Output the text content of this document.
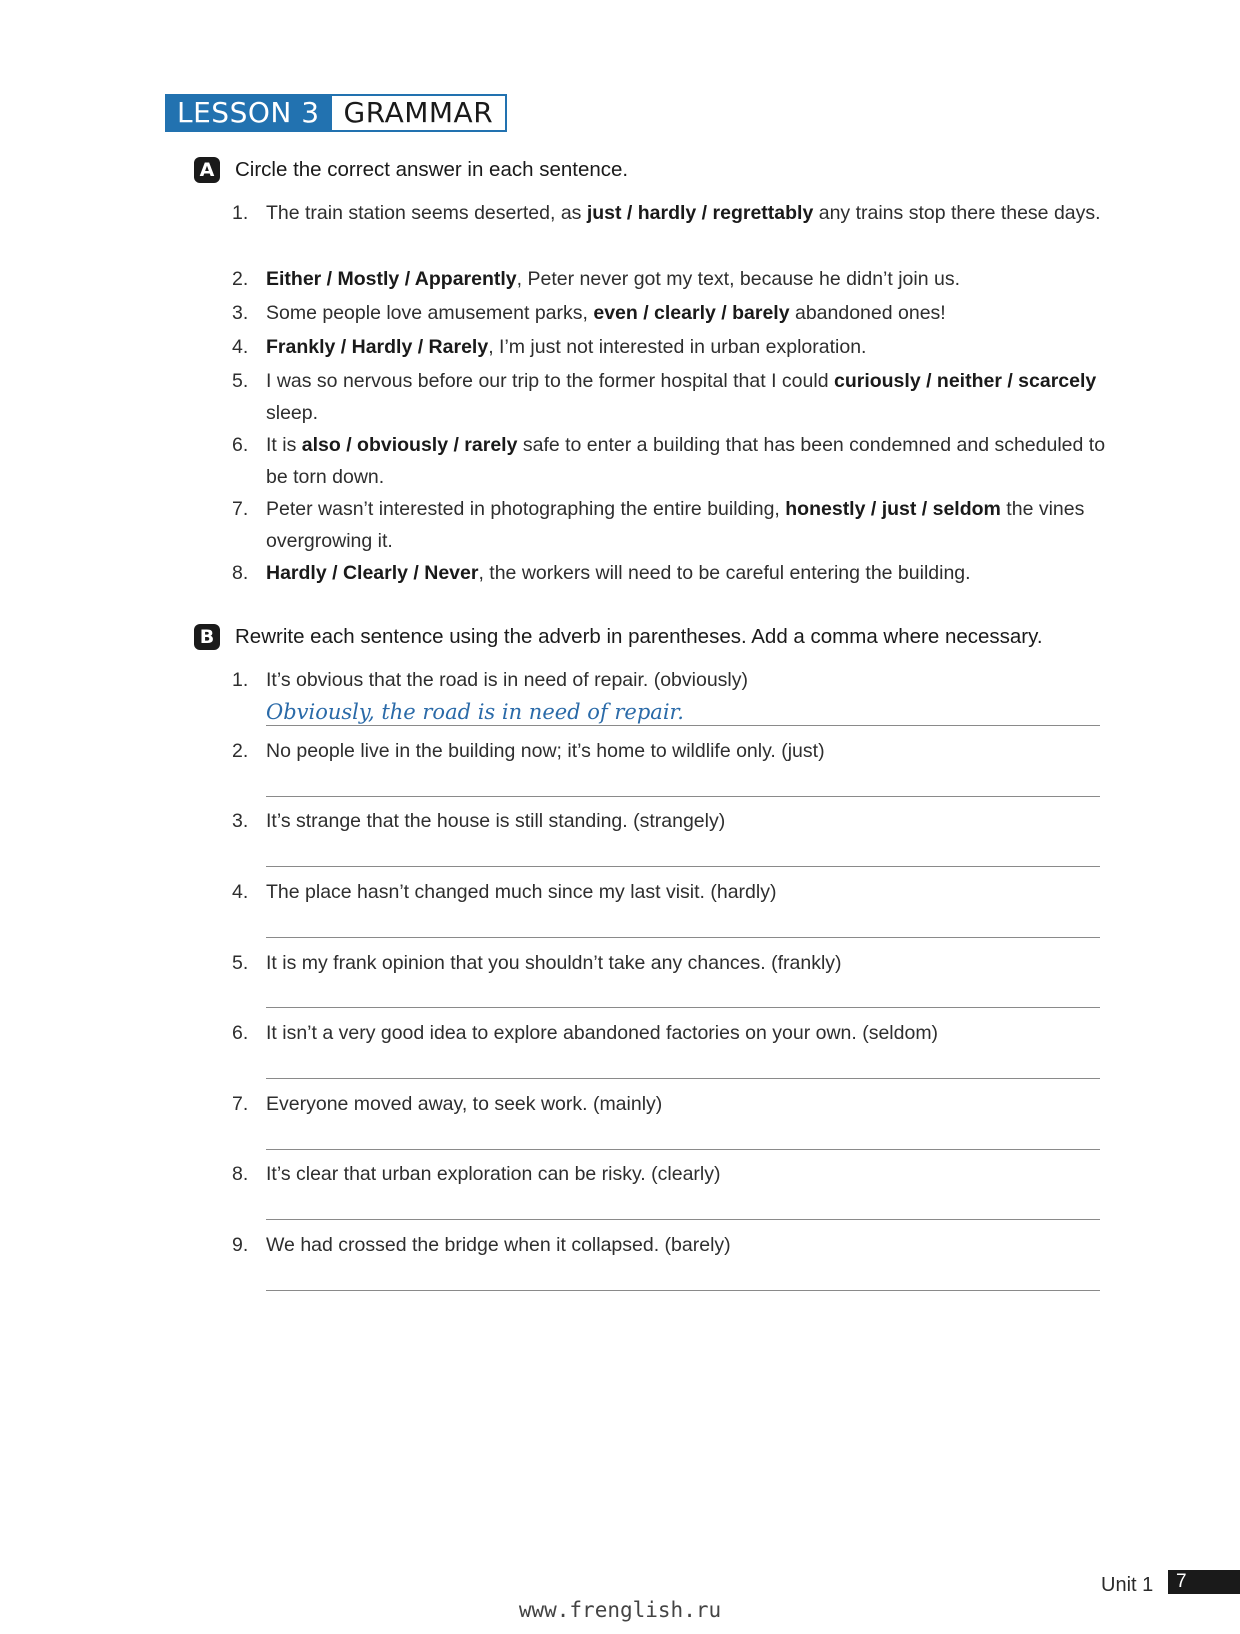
LESSON 3 GRAMMAR
A Circle the correct answer in each sentence.
1. The train station seems deserted, as just / hardly / regrettably any trains stop there these days.
2. Either / Mostly / Apparently, Peter never got my text, because he didn’t join us.
3. Some people love amusement parks, even / clearly / barely abandoned ones!
4. Frankly / Hardly / Rarely, I’m just not interested in urban exploration.
5. I was so nervous before our trip to the former hospital that I could curiously / neither / scarcely sleep.
6. It is also / obviously / rarely safe to enter a building that has been condemned and scheduled to be torn down.
7. Peter wasn’t interested in photographing the entire building, honestly / just / seldom the vines overgrowing it.
8. Hardly / Clearly / Never, the workers will need to be careful entering the building.
B Rewrite each sentence using the adverb in parentheses. Add a comma where necessary.
1. It’s obvious that the road is in need of repair. (obviously)
Obviously, the road is in need of repair.
2. No people live in the building now; it’s home to wildlife only. (just)
3. It’s strange that the house is still standing. (strangely)
4. The place hasn’t changed much since my last visit. (hardly)
5. It is my frank opinion that you shouldn’t take any chances. (frankly)
6. It isn’t a very good idea to explore abandoned factories on your own. (seldom)
7. Everyone moved away, to seek work. (mainly)
8. It’s clear that urban exploration can be risky. (clearly)
9. We had crossed the bridge when it collapsed. (barely)
Unit 1	7
www.frenglish.ru
